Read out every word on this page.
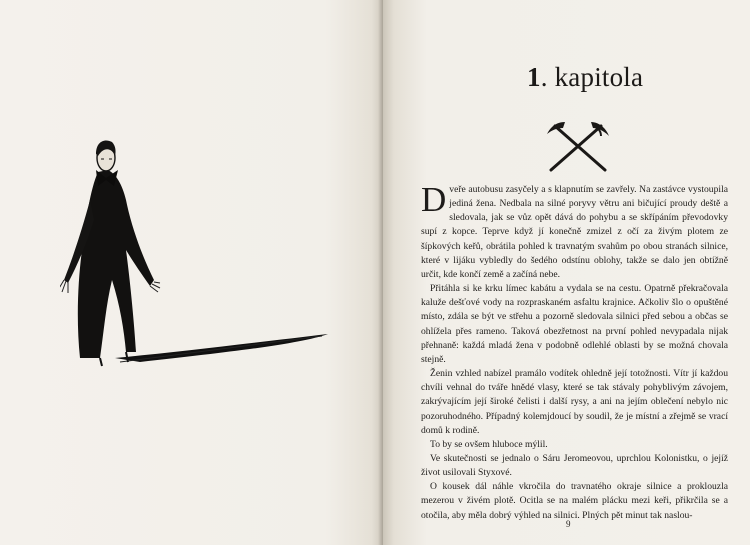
1. kapitola

Dveře autobusu zasyčely a s klapnutím se zavřely. Na zastávce vystoupila jediná žena. Nedbala na silné poryvy větru ani bičující proudy deště a sledovala, jak se vůz opět dává do pohybu a se skřípáním převodovky supí z kopce. Teprve když jí konečně zmizel z očí za živým plotem ze šípkových keřů, obrátila pohled k travnatým svahům po obou stranách silnice, které v lijáku vybledly do šedého odstínu oblohy, takže se dalo jen obtížně určit, kde končí země a začíná nebe.

Přitáhla si ke krku límec kabátu a vydala se na cestu. Opatrně překračovala kaluže dešťové vody na rozpraskaném asfaltu krajnice. Ačkoliv šlo o opuštěné místo, zdála se být ve střehu a pozorně sledovala silnici před sebou a občas se ohlížela přes rameno. Taková obezřetnost na první pohled nevypadala nijak přehnaně: každá mladá žena v podobně odlehlé oblasti by se možná chovala stejně.

Ženin vzhled nabízel pramálo vodítek ohledně její totožnosti. Vítr jí každou chvíli vehnal do tváře hnědé vlasy, které se tak stávaly pohyblivým závojem, zakrývajícím její široké čelisti i další rysy, a ani na jejím oblečení nebylo nic pozoruhodného. Případný kolemjdoucí by soudil, že je místní a zřejmě se vrací domů k rodině.

To by se ovšem hluboce mýlil.

Ve skutečnosti se jednalo o Sáru Jeromeovou, uprchlou Kolonistku, o jejíž život usilovali Styxové.

O kousek dál náhle vkročila do travnatého okraje silnice a proklouzla mezerou v živém plotě. Ocitla se na malém plácku mezi keři, přikrčila se a otočila, aby měla dobrý výhled na silnici. Plných pět minut tak naslou-

9
